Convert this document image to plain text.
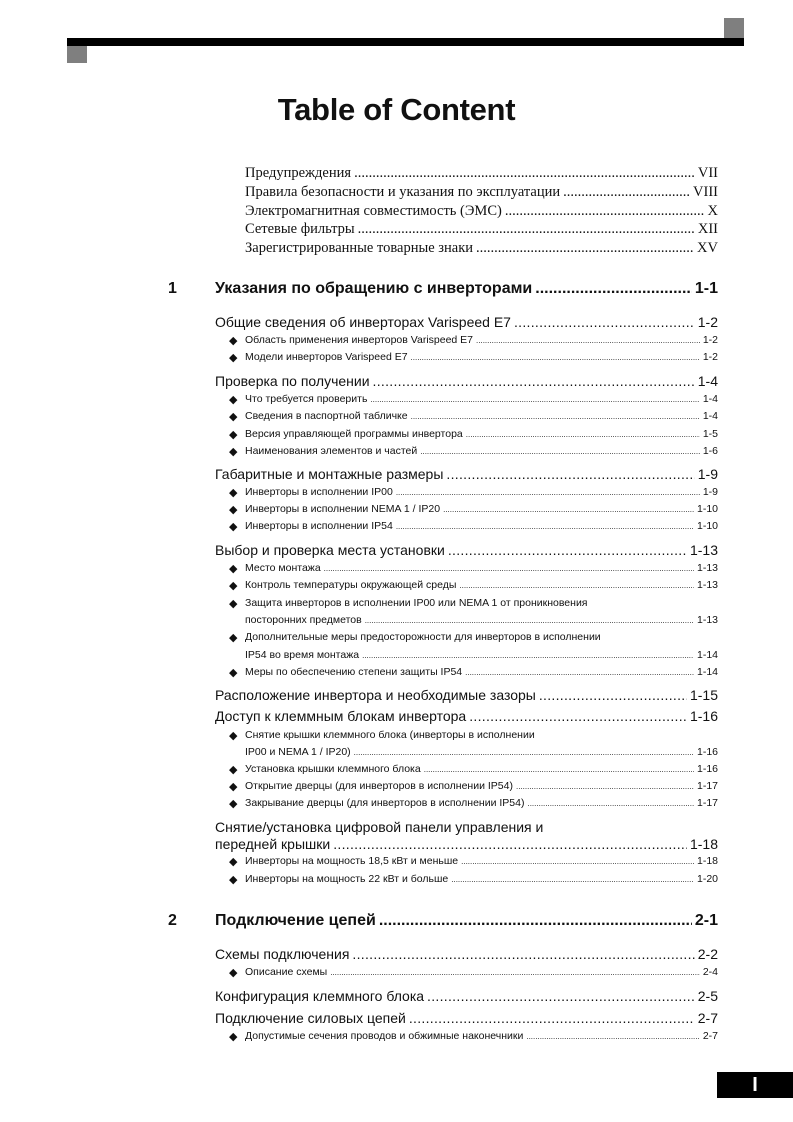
Table of Content
Предупреждения .....	VII
Правила безопасности и указания по эксплуатации .....	VIII
Электромагнитная совместимость (ЭМС) .....	X
Сетевые фильтры .....	XII
Зарегистрированные товарные знаки .....	XV
1 Указания по обращению с инверторами .....	1-1
Общие сведения об инверторах Varispeed E7 .....	1-2
◆ Область применения инверторов Varispeed E7 .....	1-2
◆ Модели инверторов Varispeed E7 .....	1-2
Проверка по получении .....	1-4
◆ Что требуется проверить .....	1-4
◆ Сведения в паспортной табличке .....	1-4
◆ Версия управляющей программы инвертора .....	1-5
◆ Наименования элементов и частей .....	1-6
Габаритные и монтажные размеры .....	1-9
◆ Инверторы в исполнении IP00 .....	1-9
◆ Инверторы в исполнении NEMA 1 / IP20 .....	1-10
◆ Инверторы в исполнении IP54 .....	1-10
Выбор и проверка места установки .....	1-13
◆ Место монтажа .....	1-13
◆ Контроль температуры окружающей среды .....	1-13
◆ Защита инверторов в исполнении IP00 или NEMA 1 от проникновения
посторонних предметов .....	1-13
◆ Дополнительные меры предосторожности для инверторов в исполнении
IP54 во время монтажа .....	1-14
◆ Меры по обеспечению степени защиты IP54 .....	1-14
Расположение инвертора и необходимые зазоры .....	1-15
Доступ к клеммным блокам инвертора .....	1-16
◆ Снятие крышки клеммного блока (инверторы в исполнении
IP00 и NEMA 1 / IP20) .....	1-16
◆ Установка крышки клеммного блока .....	1-16
◆ Открытие дверцы (для инверторов в исполнении IP54) .....	1-17
◆ Закрывание дверцы (для инверторов в исполнении IP54) .....	1-17
Снятие/установка цифровой панели управления и
передней крышки .....	1-18
◆ Инверторы на мощность 18,5 кВт и меньше .....	1-18
◆ Инверторы на мощность 22 кВт и больше .....	1-20
2 Подключение цепей .....	2-1
Схемы подключения .....	2-2
◆ Описание схемы .....	2-4
Конфигурация клеммного блока .....	2-5
Подключение силовых цепей .....	2-7
◆ Допустимые сечения проводов и обжимные наконечники .....	2-7
I
